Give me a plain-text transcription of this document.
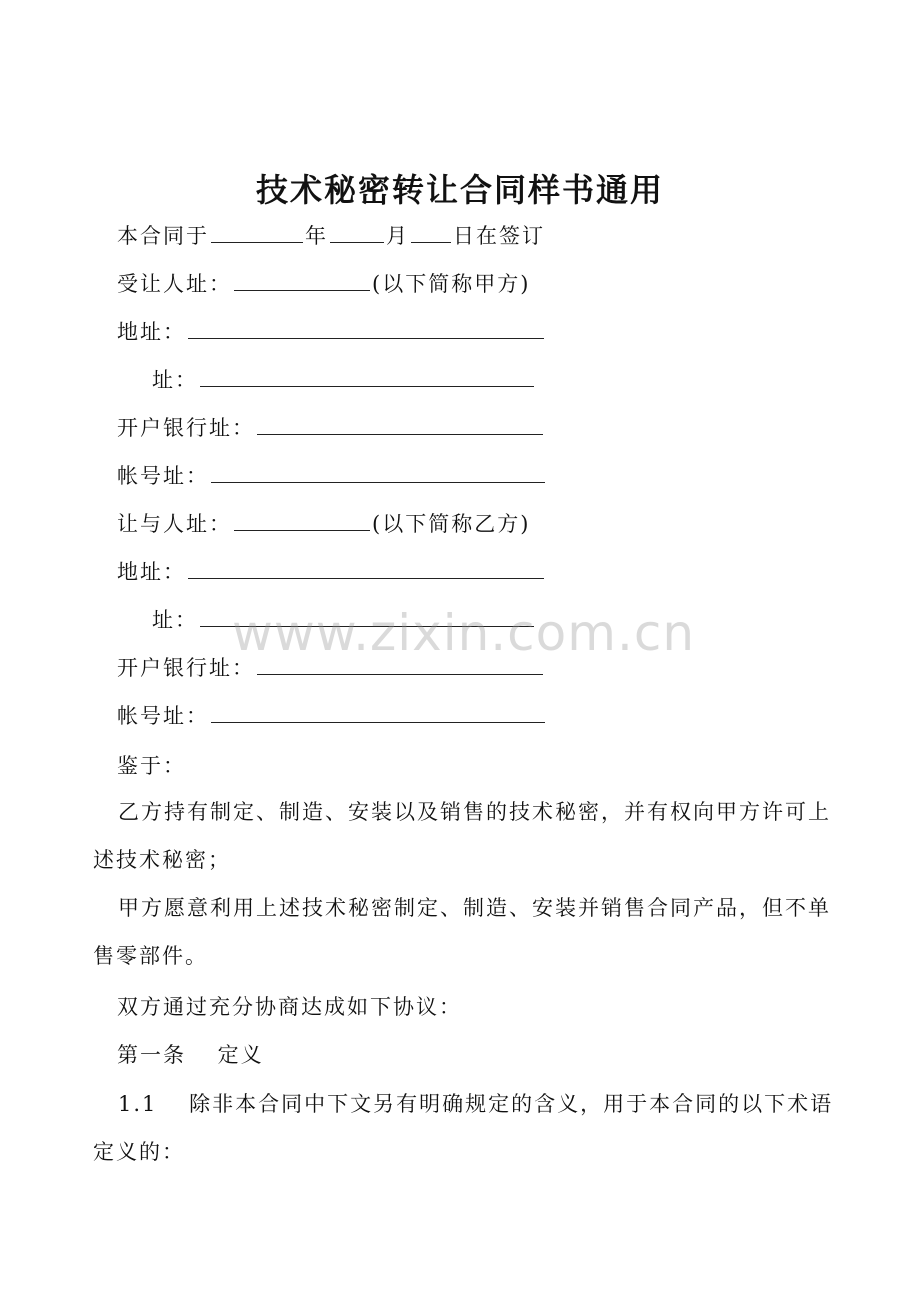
技术秘密转让合同样书通用
本合同于	年	月 日在签订
受让人址：	(以下简称甲方)
地址：
址：
开户银行址：
帐号址：
让与人址：	(以下简称乙方)
地址：
址：
开户银行址：
帐号址：
鉴于：
乙方持有制定、制造、安装以及销售的技术秘密，并有权向甲方许可上述技术秘密；
甲方愿意利用上述技术秘密制定、制造、安装并销售合同产品，但不单售零部件。
双方通过充分协商达成如下协议：
第一条　 定义
1.1　 除非本合同中下文另有明确规定的含义，用于本合同的以下术语定义的：
www.zixin.com.cn
